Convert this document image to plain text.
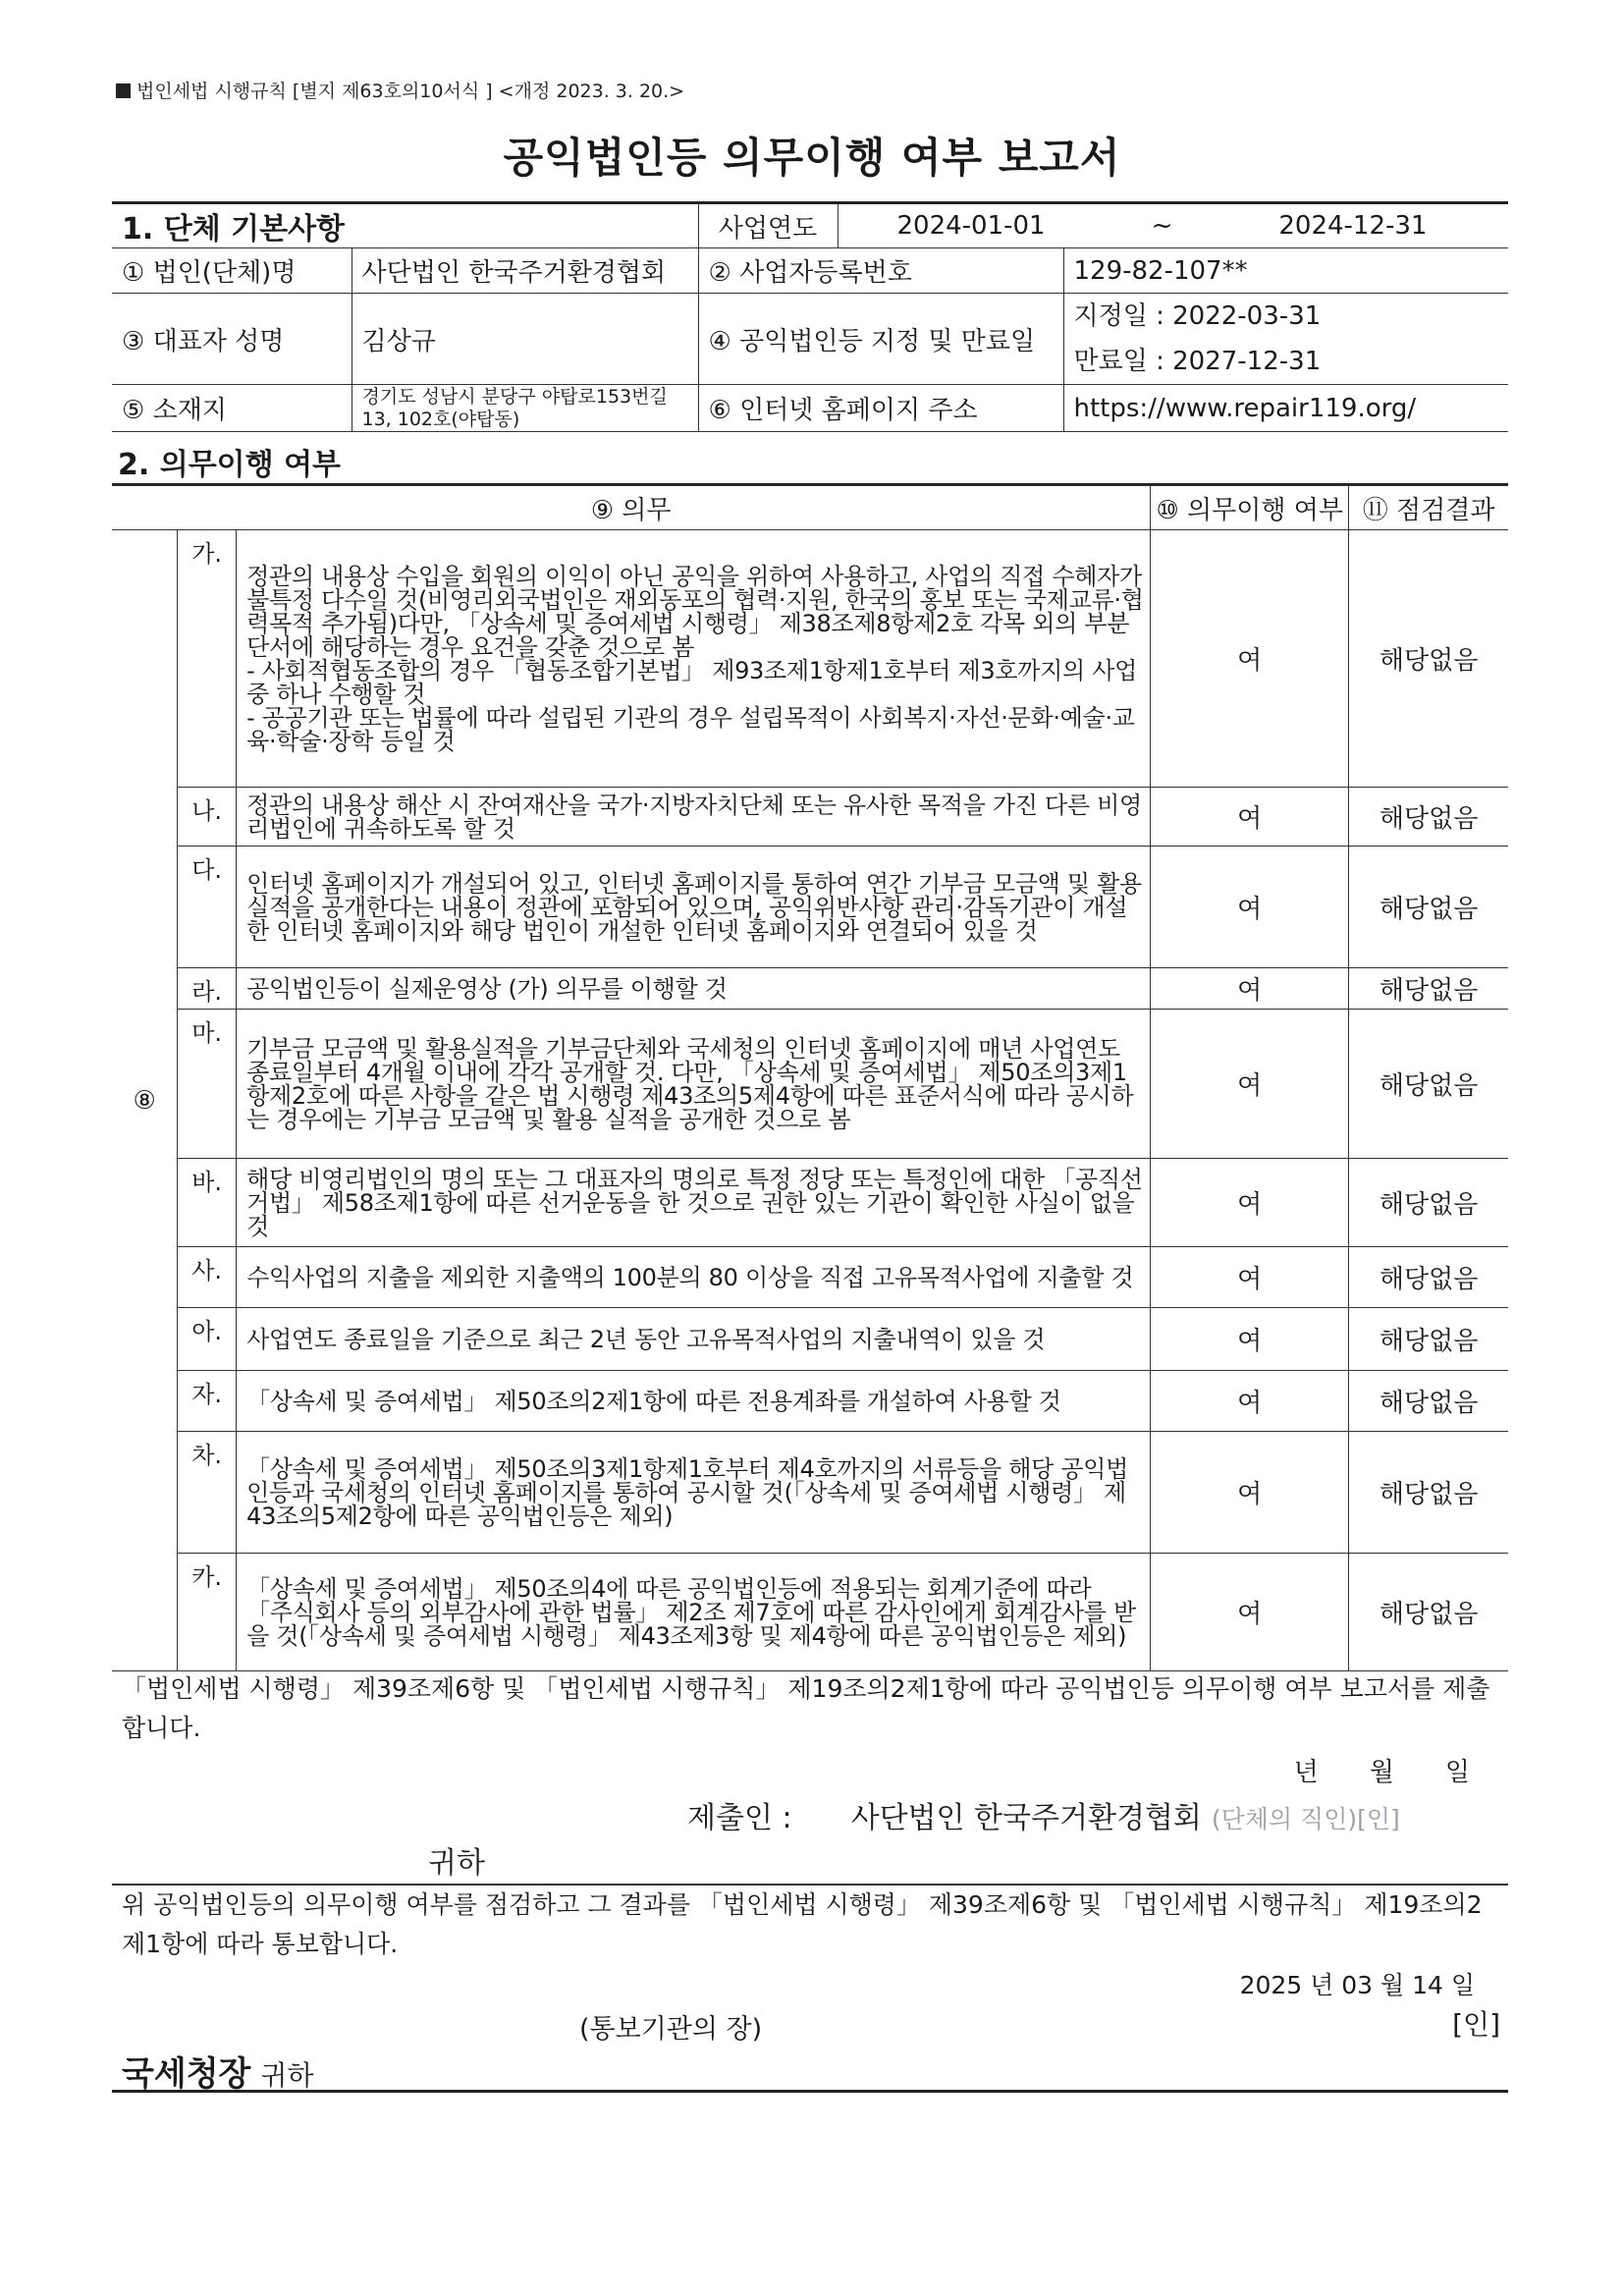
법인세법 시행규칙 [별지 제63호의10서식 ] <개정 2023. 3. 20.>
공익법인등 의무이행 여부 보고서
1. 단체 기본사항		사업연도	2024-01-01 ~ 2024-12-31	

① 법인(단체)명	사단법인 한국주거환경협회	② 사업자등록번호		129-82-107**
③ 대표자 성명	김상규	④ 공익법인등 지정 및 만료일		지정일 : 2022-03-31
만료일 : 2027-12-31

⑤ 소재지	경기도 성남시 분당구 야탑로153번길 13, 102호(야탑동)	⑥ 인터넷 홈페이지 주소		https://www.repair119.org/
2. 의무이행 여부
⑨ 의무			⑩ 의무이행 여부	⑪ 점검결과
⑧	가.	정관의 내용상 수입을 회원의 이익이 아닌 공익을 위하여 사용하고, 사업의 직접 수혜자가 불특정 다수일 것(비영리외국법인은 재외동포의 협력·지원, 한국의 홍보 또는 국제교류·협력목적 추가됨)다만, 「상속세 및 증여세법 시행령」 제38조제8항제2호 각목 외의 부분단서에 해당하는 경우 요건을 갖춘 것으로 봄
- 사회적협동조합의 경우 「협동조합기본법」 제93조제1항제1호부터 제3호까지의 사업 중 하나 수행할 것
- 공공기관 또는 법률에 따라 설립된 기관의 경우 설립목적이 사회복지·자선·문화·예술·교육·학술·장학 등일 것	여	해당없음
	나.	정관의 내용상 해산 시 잔여재산을 국가·지방자치단체 또는 유사한 목적을 가진 다른 비영리법인에 귀속하도록 할 것	여	해당없음
	다.	인터넷 홈페이지가 개설되어 있고, 인터넷 홈페이지를 통하여 연간 기부금 모금액 및 활용실적을 공개한다는 내용이 정관에 포함되어 있으며, 공익위반사항 관리·감독기관이 개설한 인터넷 홈페이지와 해당 법인이 개설한 인터넷 홈페이지와 연결되어 있을 것	여	해당없음
	라.	공익법인등이 실제운영상 (가) 의무를 이행할 것	여	해당없음
	마.	기부금 모금액 및 활용실적을 기부금단체와 국세청의 인터넷 홈페이지에 매년 사업연도 종료일부터 4개월 이내에 각각 공개할 것. 다만, 「상속세 및 증여세법」 제50조의3제1항제2호에 따른 사항을 같은 법 시행령 제43조의5제4항에 따른 표준서식에 따라 공시하는 경우에는 기부금 모금액 및 활용 실적을 공개한 것으로 봄	여	해당없음
	바.	해당 비영리법인의 명의 또는 그 대표자의 명의로 특정 정당 또는 특정인에 대한 「공직선거법」 제58조제1항에 따른 선거운동을 한 것으로 권한 있는 기관이 확인한 사실이 없을 것	여	해당없음
	사.	수익사업의 지출을 제외한 지출액의 100분의 80 이상을 직접 고유목적사업에 지출할 것	여	해당없음
	아.	사업연도 종료일을 기준으로 최근 2년 동안 고유목적사업의 지출내역이 있을 것	여	해당없음
	자.	「상속세 및 증여세법」 제50조의2제1항에 따른 전용계좌를 개설하여 사용할 것	여	해당없음
	차.	「상속세 및 증여세법」 제50조의3제1항제1호부터 제4호까지의 서류등을 해당 공익법인등과 국세청의 인터넷 홈페이지를 통하여 공시할 것(「상속세 및 증여세법 시행령」 제43조의5제2항에 따른 공익법인등은 제외)	여	해당없음
	카.	「상속세 및 증여세법」 제50조의4에 따른 공익법인등에 적용되는 회계기준에 따라 「주식회사 등의 외부감사에 관한 법률」 제2조 제7호에 따른 감사인에게 회계감사를 받을 것(「상속세 및 증여세법 시행령」 제43조제3항 및 제4항에 따른 공익법인등은 제외)	여	해당없음
「법인세법 시행령」 제39조제6항 및 「법인세법 시행규칙」 제19조의2제1항에 따라 공익법인등 의무이행 여부 보고서를 제출합니다.
년 월 일
제출인 : 사단법인 한국주거환경협회 (단체의 직인)[인]
귀하
위 공익법인등의 의무이행 여부를 점검하고 그 결과를 「법인세법 시행령」 제39조제6항 및 「법인세법 시행규칙」 제19조의2제1항에 따라 통보합니다.
2025 년 03 월 14 일
(통보기관의 장)	[인]
국세청장 귀하
